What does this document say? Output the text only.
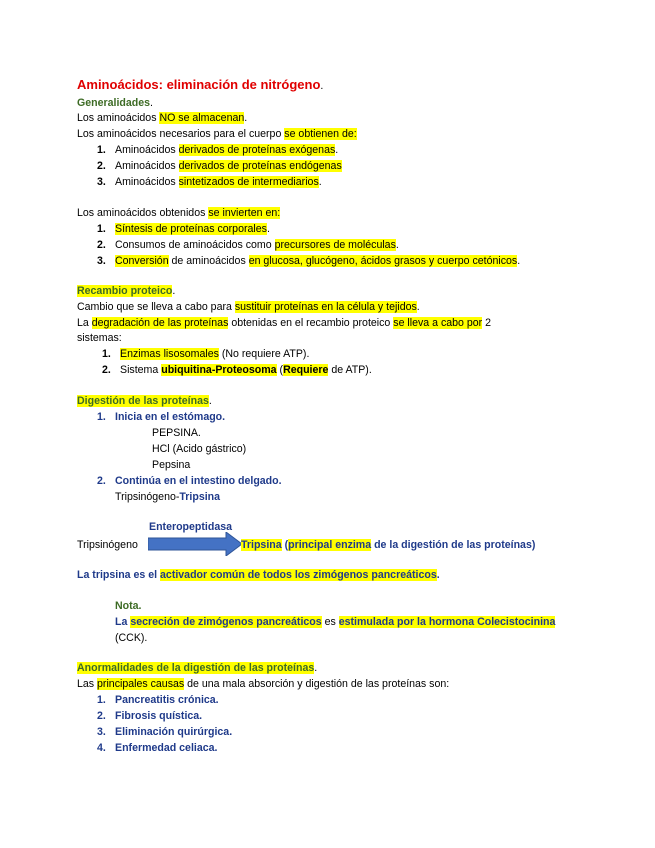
Aminoácidos: eliminación de nitrógeno.
Generalidades.
Los aminoácidos NO se almacenan.
Los aminoácidos necesarios para el cuerpo se obtienen de:
1. Aminoácidos derivados de proteínas exógenas.
2. Aminoácidos derivados de proteínas endógenas
3. Aminoácidos sintetizados de intermediarios.
Los aminoácidos obtenidos se invierten en:
1. Síntesis de proteínas corporales.
2. Consumos de aminoácidos como precursores de moléculas.
3. Conversión de aminoácidos en glucosa, glucógeno, ácidos grasos y cuerpo cetónicos.
Recambio proteico.
Cambio que se lleva a cabo para sustituir proteínas en la célula y tejidos.
La degradación de las proteínas obtenidas en el recambio proteico se lleva a cabo por 2
sistemas:
1. Enzimas lisosomales (No requiere ATP).
2. Sistema ubiquitina-Proteosoma (Requiere de ATP).
Digestión de las proteínas.
1. Inicia en el estómago.
PEPSINA.
HCl (Acido gástrico)
Pepsina
2. Continúa en el intestino delgado.
Tripsinógeno-Tripsina
Enteropeptidasa
Tripsinógeno	Tripsina (principal enzima de la digestión de las proteínas)
La tripsina es el activador común de todos los zimógenos pancreáticos.
Nota.
La secreción de zimógenos pancreáticos es estimulada por la hormona Colecistocinina
(CCK).
Anormalidades de la digestión de las proteínas.
Las principales causas de una mala absorción y digestión de las proteínas son:
1. Pancreatitis crónica.
2. Fibrosis quística.
3. Eliminación quirúrgica.
4. Enfermedad celiaca.
